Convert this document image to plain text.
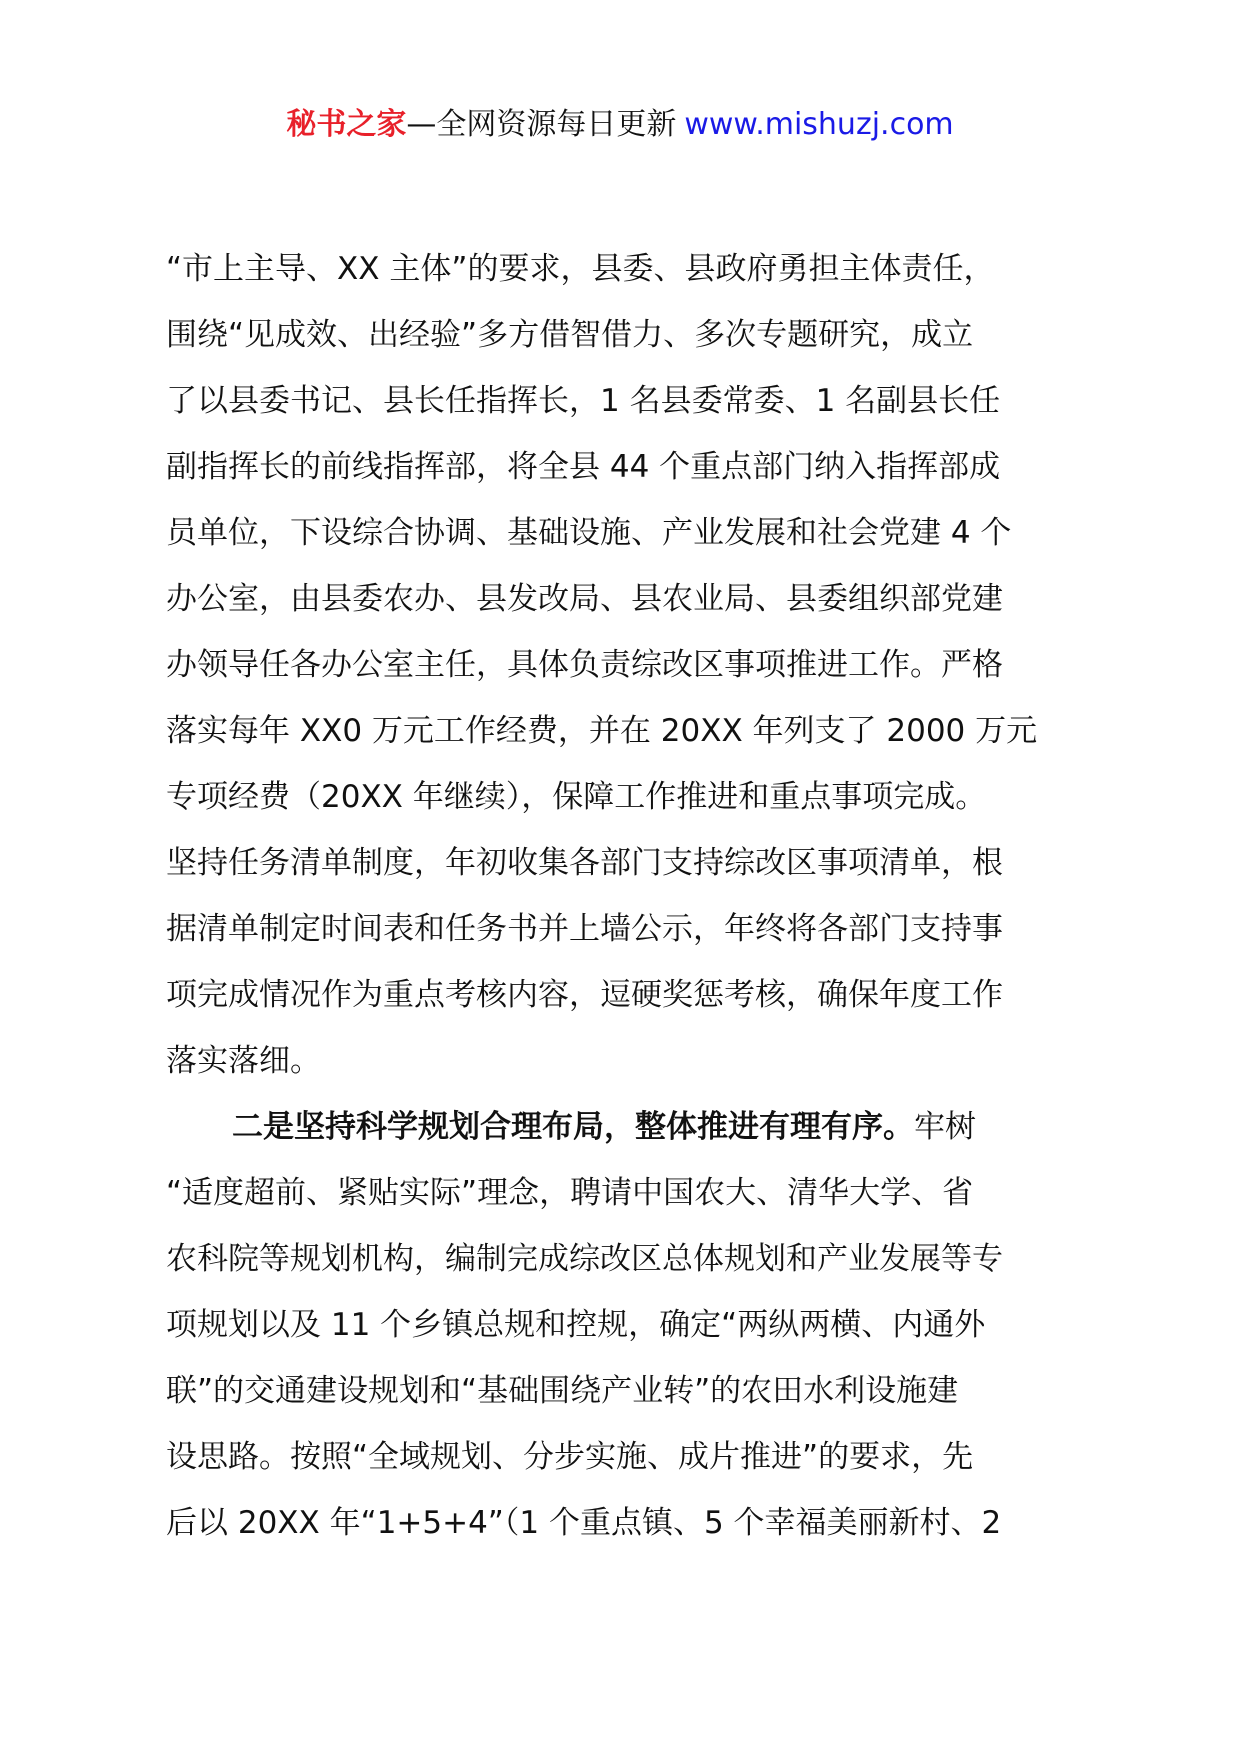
秘书之家—全网资源每日更新 www.mishuzj.com
“市上主导、XX 主体”的要求，县委、县政府勇担主体责任，
围绕“见成效、出经验”多方借智借力、多次专题研究，成立
了以县委书记、县长任指挥长，1 名县委常委、1 名副县长任
副指挥长的前线指挥部，将全县 44 个重点部门纳入指挥部成
员单位，下设综合协调、基础设施、产业发展和社会党建 4 个
办公室，由县委农办、县发改局、县农业局、县委组织部党建
办领导任各办公室主任，具体负责综改区事项推进工作。严格
落实每年 XX0 万元工作经费，并在 20XX 年列支了 2000 万元
专项经费（20XX 年继续），保障工作推进和重点事项完成。
坚持任务清单制度，年初收集各部门支持综改区事项清单，根
据清单制定时间表和任务书并上墙公示，年终将各部门支持事
项完成情况作为重点考核内容，逗硬奖惩考核，确保年度工作
落实落细。
二是坚持科学规划合理布局，整体推进有理有序。牢树
“适度超前、紧贴实际”理念，聘请中国农大、清华大学、省
农科院等规划机构，编制完成综改区总体规划和产业发展等专
项规划以及 11 个乡镇总规和控规，确定“两纵两横、内通外
联”的交通建设规划和“基础围绕产业转”的农田水利设施建
设思路。按照“全域规划、分步实施、成片推进”的要求，先
后以 20XX 年“1+5+4”（1 个重点镇、5 个幸福美丽新村、2
